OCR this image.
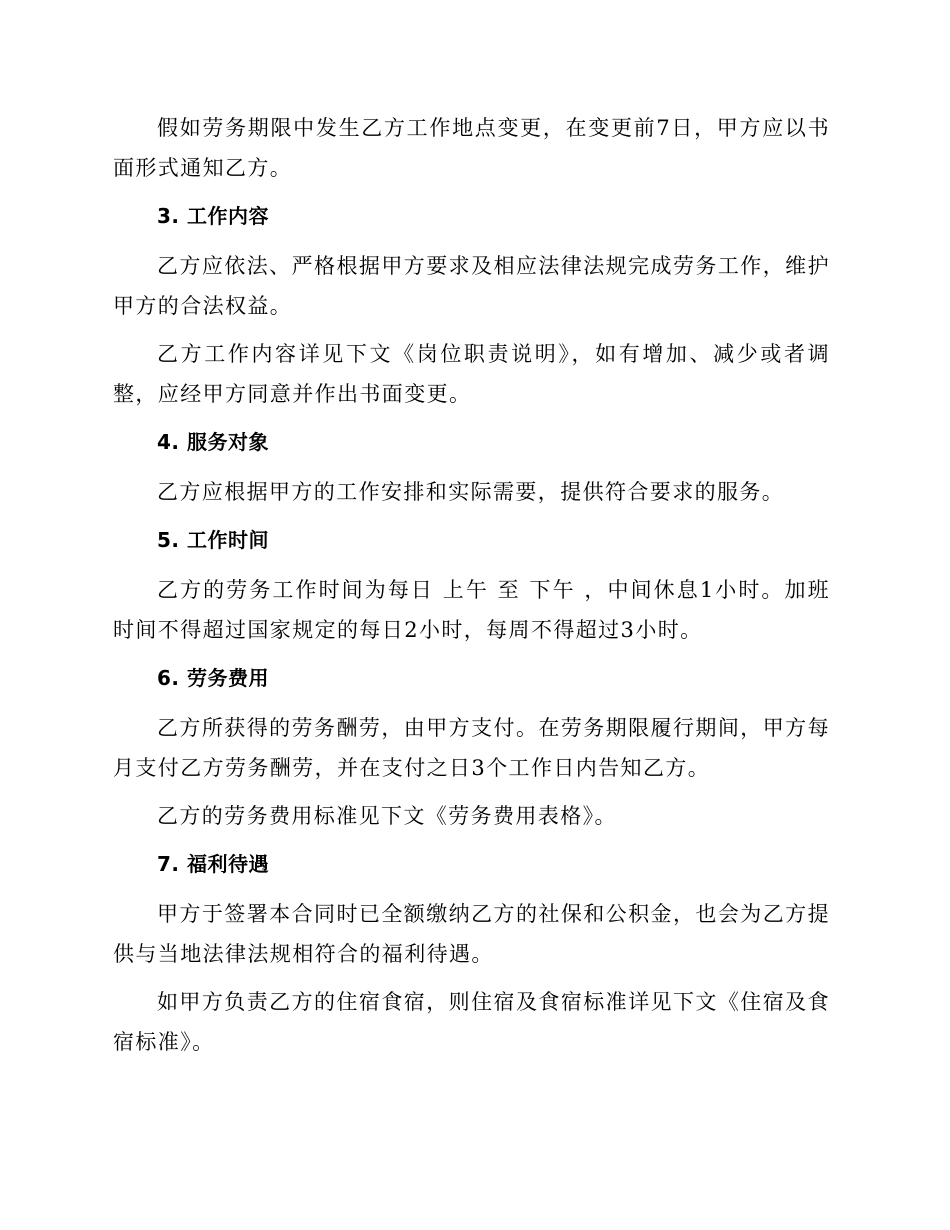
假如劳务期限中发生乙方工作地点变更，在变更前7日，甲方应以书面形式通知乙方。

3. 工作内容

乙方应依法、严格根据甲方要求及相应法律法规完成劳务工作，维护甲方的合法权益。

乙方工作内容详见下文《岗位职责说明》，如有增加、减少或者调整，应经甲方同意并作出书面变更。

4. 服务对象

乙方应根据甲方的工作安排和实际需要，提供符合要求的服务。

5. 工作时间

乙方的劳务工作时间为每日 上午 至 下午 ，中间休息1小时。加班时间不得超过国家规定的每日2小时，每周不得超过3小时。

6. 劳务费用

乙方所获得的劳务酬劳，由甲方支付。在劳务期限履行期间，甲方每月支付乙方劳务酬劳，并在支付之日3个工作日内告知乙方。

乙方的劳务费用标准见下文《劳务费用表格》。

7. 福利待遇

甲方于签署本合同时已全额缴纳乙方的社保和公积金，也会为乙方提供与当地法律法规相符合的福利待遇。

如甲方负责乙方的住宿食宿，则住宿及食宿标准详见下文《住宿及食宿标准》。
